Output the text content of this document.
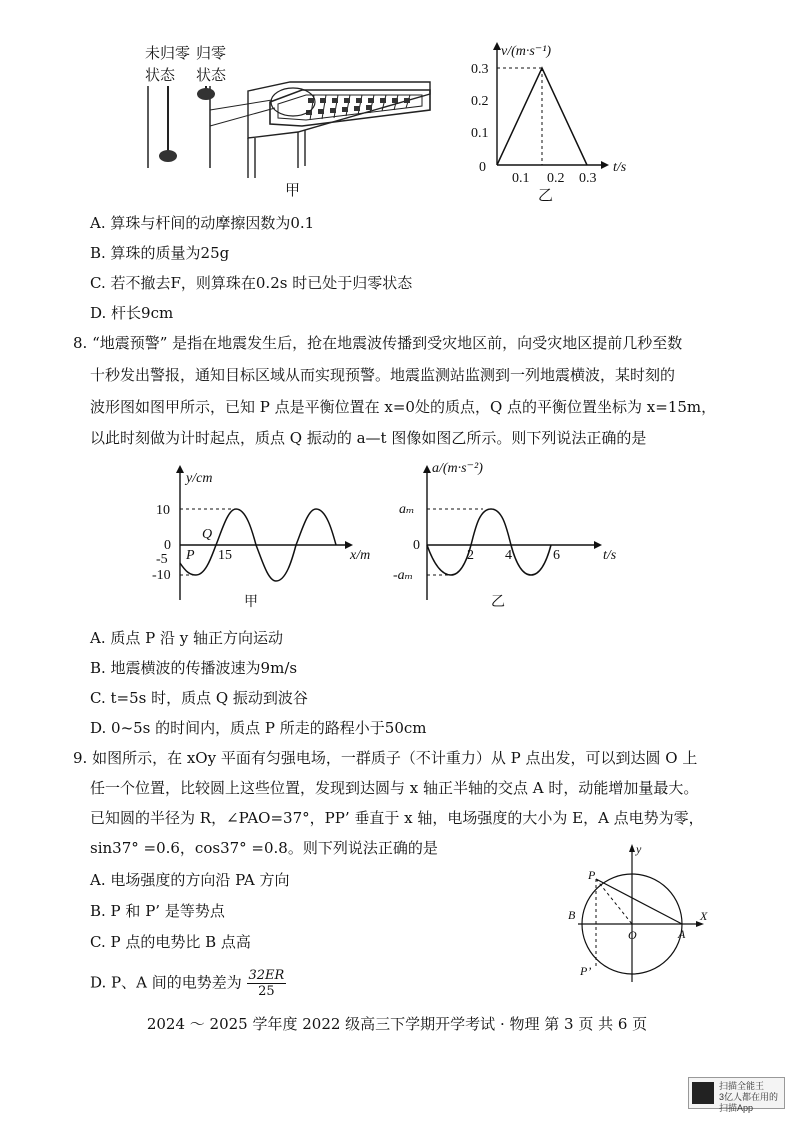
未归零 归零
状态 状态
甲
v/(m·s⁻¹)
t/s
0.3
0.2
0.1
0
0.1 0.2 0.3
乙
A. 算珠与杆间的动摩擦因数为0.1
B. 算珠的质量为25g
C. 若不撤去F，则算珠在0.2s 时已处于归零状态
D. 杆长9cm
8. “地震预警” 是指在地震发生后，抢在地震波传播到受灾地区前，向受灾地区提前几秒至数
十秒发出警报，通知目标区域从而实现预警。地震监测站监测到一列地震横波，某时刻的
波形图如图甲所示，已知 P 点是平衡位置在 x=0处的质点，Q 点的平衡位置坐标为 x=15m，
以此时刻做为计时起点，质点 Q 振动的 a—t 图像如图乙所示。则下列说法正确的是
y/cm
x/m
10
0
-5
-10
P
Q
15
甲
a/(m·s⁻²)
t/s
aₘ
0
-aₘ
2 4	6
乙
A. 质点 P 沿 y 轴正方向运动
B. 地震横波的传播波速为9m/s
C. t=5s 时，质点 Q 振动到波谷
D. 0~5s 的时间内，质点 P 所走的路程小于50cm
9. 如图所示，在 xOy 平面有匀强电场，一群质子（不计重力）从 P 点出发，可以到达圆 O 上
任一个位置，比较圆上这些位置，发现到达圆与 x 轴正半轴的交点 A 时，动能增加量最大。
已知圆的半径为 R，∠PAO=37°，PP’ 垂直于 x 轴，电场强度的大小为 E，A 点电势为零，
sin37° =0.6，cos37° =0.8。则下列说法正确的是
A. 电场强度的方向沿 PA 方向
B. P 和 P’ 是等势点
C. P 点的电势比 B 点高
D. P、A 间的电势差为 $\frac{32ER}{25}$
y
X
P
B
O	A
P’
2024 ～ 2025 学年度 2022 级高三下学期开学考试 · 物理 第 3 页 共 6 页
扫描全能王
3亿人都在用的扫描App
